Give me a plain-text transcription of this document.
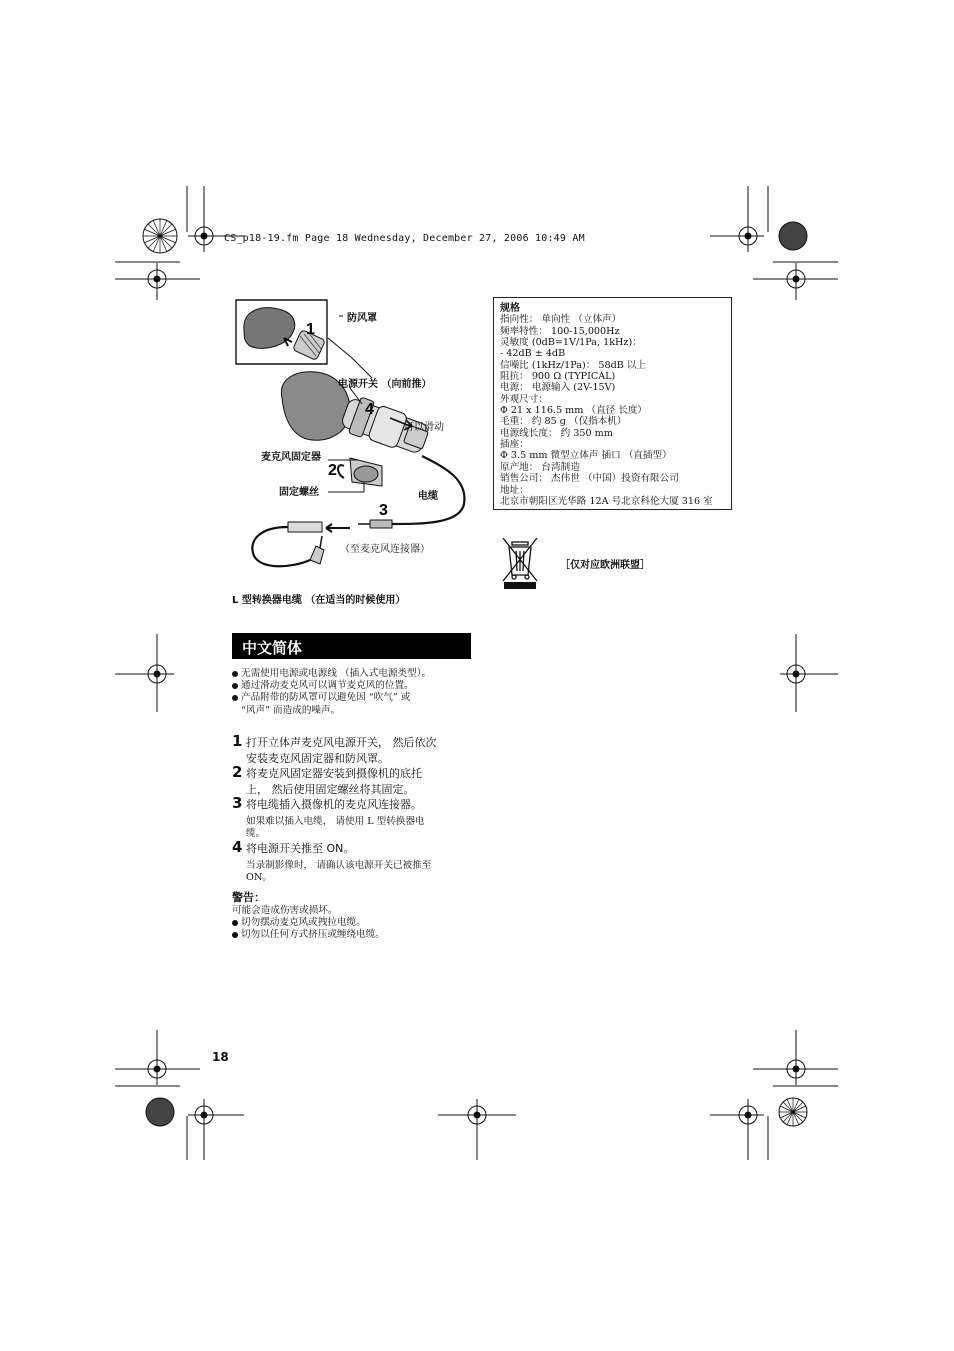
CS_p18-19.fm Page 18 Wednesday, December 27, 2006 10:49 AM
1
4
2
3
防风罩
电源开关 （向前推）
可以滑动
麦克风固定器
固定螺丝	电缆
（至麦克风连接器）
L 型转换器电缆 （在适当的时候使用）
规格
指向性： 单向性 （立体声）
频率特性： 100-15,000Hz
灵敏度 (0dB=1V/1Pa, 1kHz)：
- 42dB ± 4dB
信噪比 (1kHz/1Pa)： 58dB 以上
阻抗： 900 Ω (TYPICAL)
电源： 电源输入 (2V-15V)
外观尺寸：
Φ 21 x 116.5 mm （直径 长度）
毛重： 约 85 g （仅指本机）
电源线长度： 约 350 mm
插座：
Φ 3.5 mm 微型立体声 插口 （直插型）
原产地： 台湾制造
销售公司： 杰伟世 （中国）投资有限公司
地址：
北京市朝阳区光华路 12A 号北京科伦大厦 316 室
［仅对应欧洲联盟］
中文简体
无需使用电源或电源线 （插入式电源类型）。
通过滑动麦克风可以调节麦克风的位置。
产品附带的防风罩可以避免因 “吹气” 或
“风声” 而造成的噪声。
1 打开立体声麦克风电源开关， 然后依次
安装麦克风固定器和防风罩。
2 将麦克风固定器安装到摄像机的底托
上， 然后使用固定螺丝将其固定。
3 将电缆插入摄像机的麦克风连接器。
如果难以插入电缆， 请使用 L 型转换器电
缆。
4 将电源开关推至 ON。
当录制影像时， 请确认该电源开关已被推至
ON。
警告：
可能会造成伤害或损坏。
切勿摆动麦克风或拽拉电缆。
切勿以任何方式挤压或缠绕电缆。
18
